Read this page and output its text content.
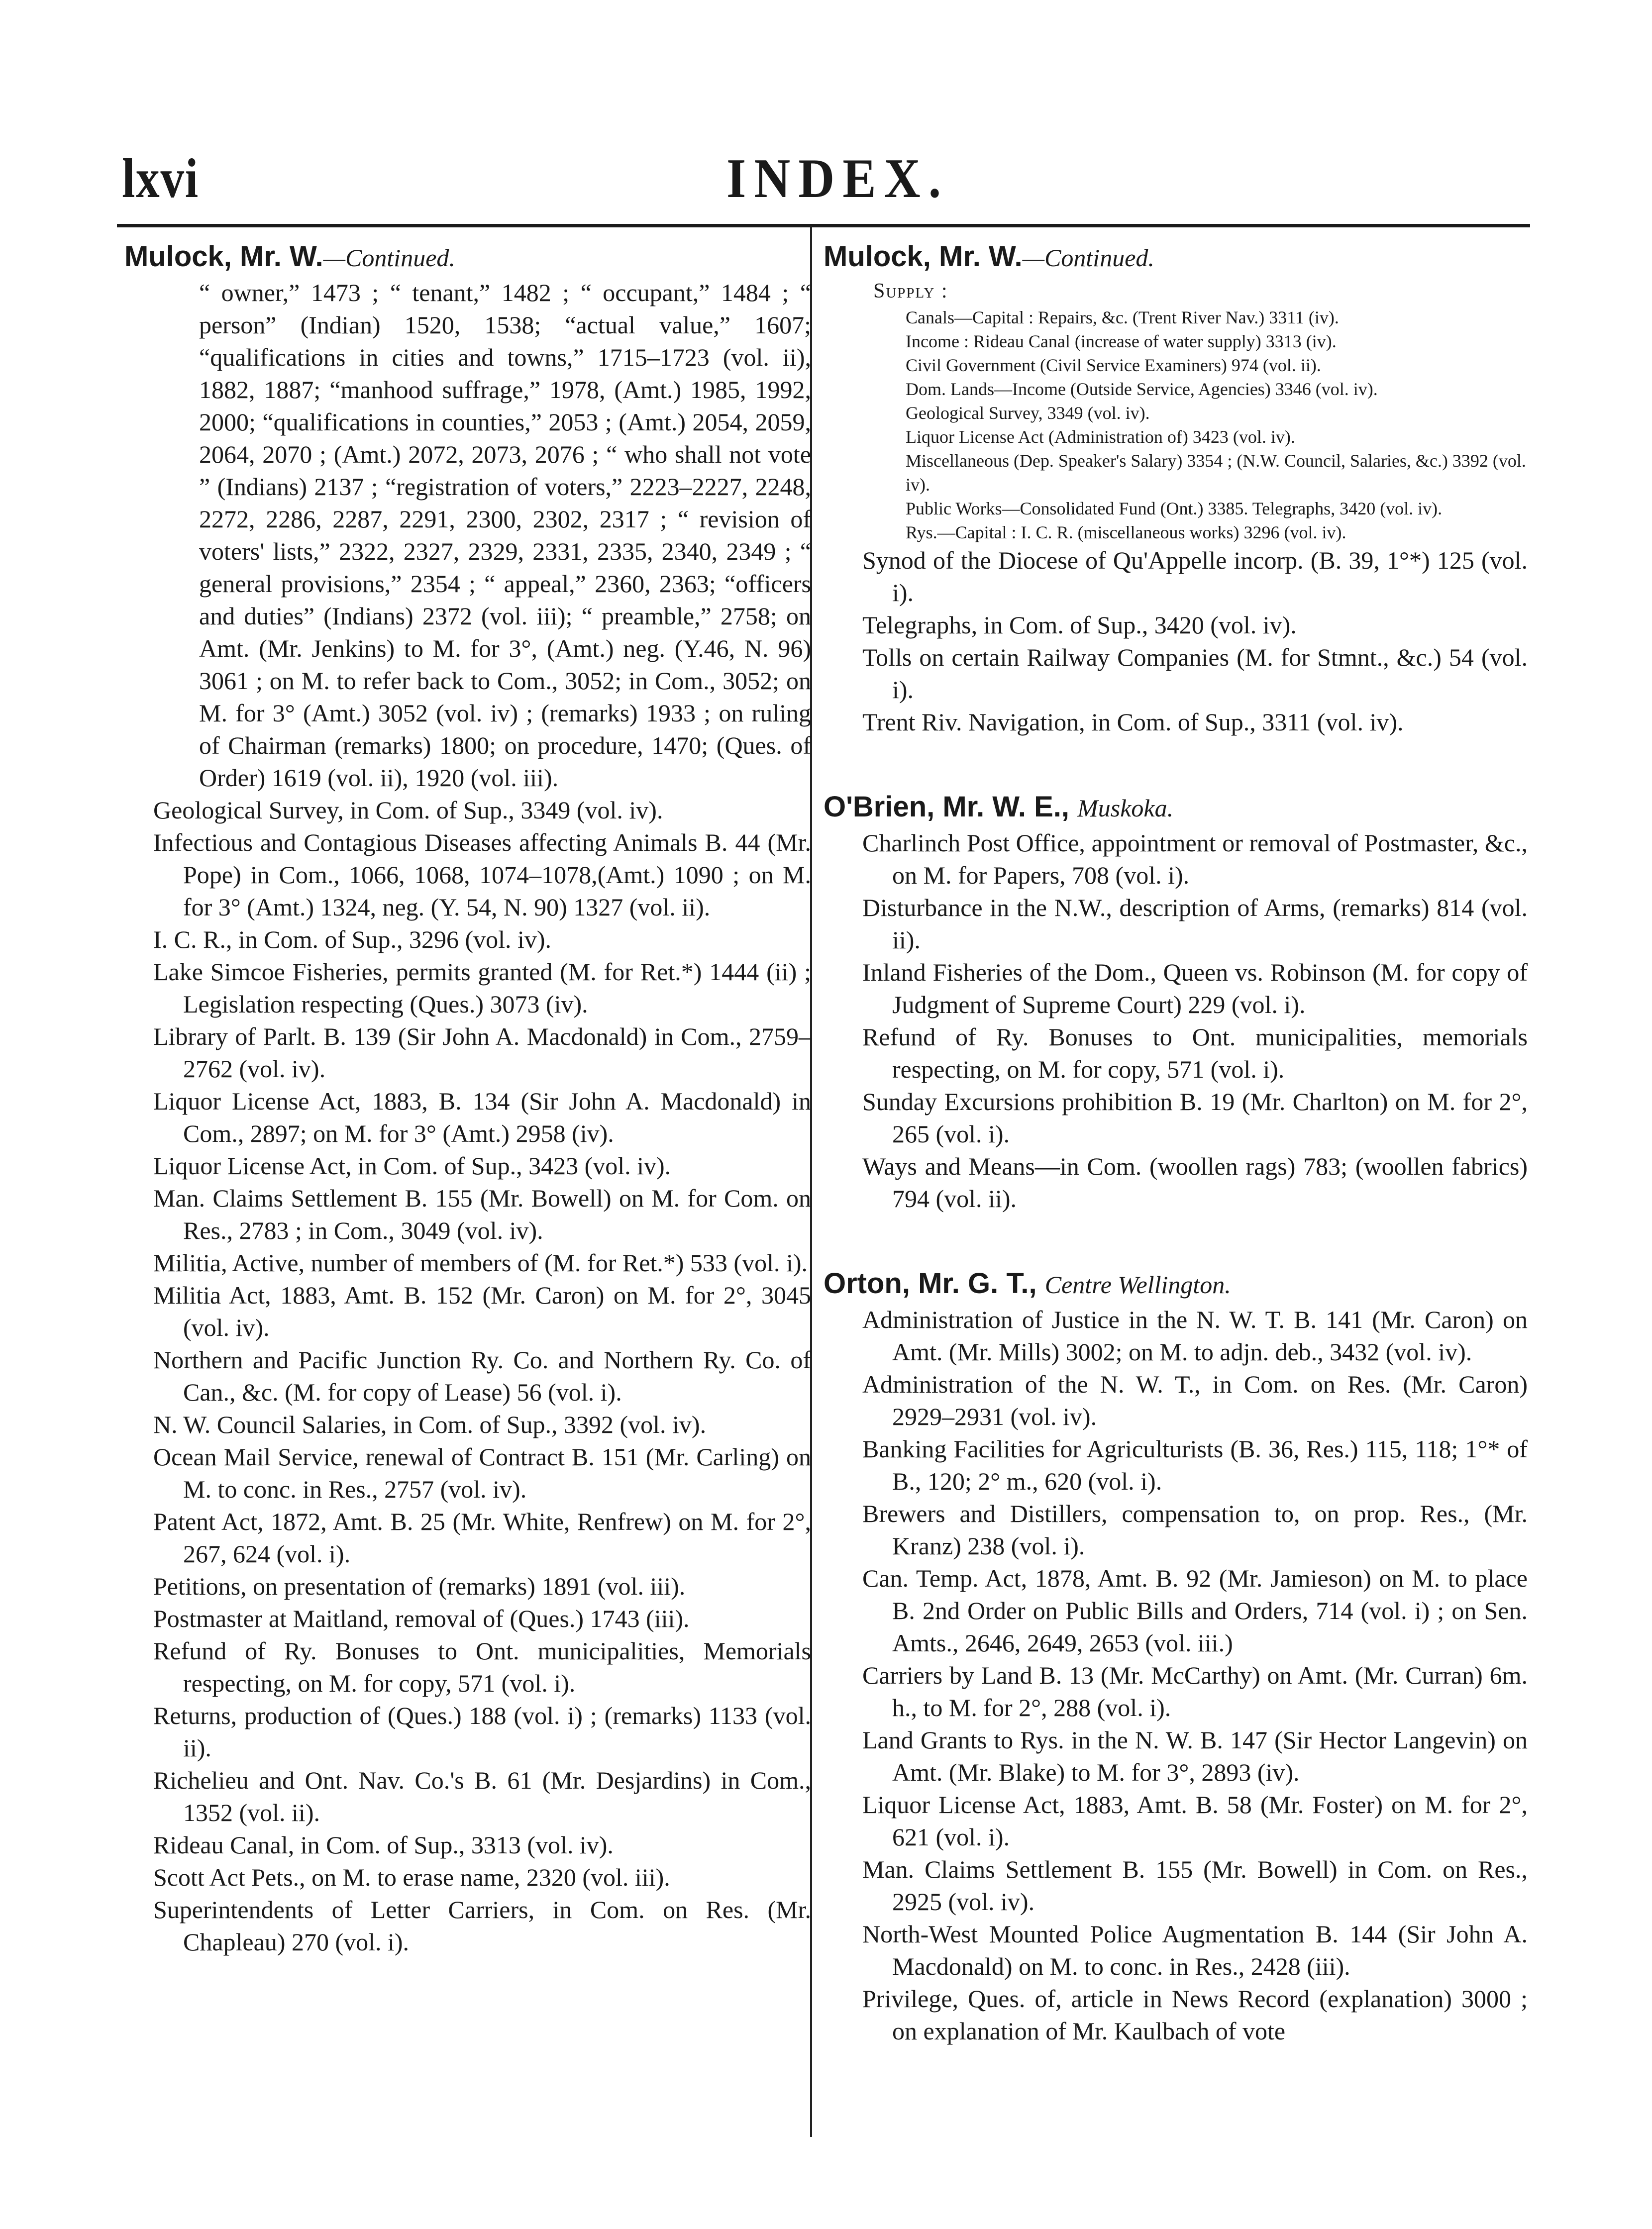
lxvi	INDEX.
Mulock, Mr. W.—Continued.
“ owner,” 1473 ; “ tenant,” 1482 ; “ occupant,” 1484 ; “ person” (Indian) 1520, 1538; “actual value,” 1607; “qualifications in cities and towns,” 1715–1723 (vol. ii), 1882, 1887; “manhood suffrage,” 1978, (Amt.) 1985, 1992, 2000; “qualifications in counties,” 2053 ; (Amt.) 2054, 2059, 2064, 2070 ; (Amt.) 2072, 2073, 2076 ; “ who shall not vote ” (Indians) 2137 ; “registration of voters,” 2223–2227, 2248, 2272, 2286, 2287, 2291, 2300, 2302, 2317 ; “ revision of voters' lists,” 2322, 2327, 2329, 2331, 2335, 2340, 2349 ; “ general provisions,” 2354 ; “ appeal,” 2360, 2363; “officers and duties” (Indians) 2372 (vol. iii); “ preamble,” 2758; on Amt. (Mr. Jenkins) to M. for 3°, (Amt.) neg. (Y.46, N. 96) 3061 ; on M. to refer back to Com., 3052; in Com., 3052; on M. for 3° (Amt.) 3052 (vol. iv) ; (remarks) 1933 ; on ruling of Chairman (remarks) 1800; on procedure, 1470; (Ques. of Order) 1619 (vol. ii), 1920 (vol. iii).
Geological Survey, in Com. of Sup., 3349 (vol. iv).
Infectious and Contagious Diseases affecting Animals B. 44 (Mr. Pope) in Com., 1066, 1068, 1074–1078,(Amt.) 1090 ; on M. for 3° (Amt.) 1324, neg. (Y. 54, N. 90) 1327 (vol. ii).
I. C. R., in Com. of Sup., 3296 (vol. iv).
Lake Simcoe Fisheries, permits granted (M. for Ret.*) 1444 (ii) ; Legislation respecting (Ques.) 3073 (iv).
Library of Parlt. B. 139 (Sir John A. Macdonald) in Com., 2759–2762 (vol. iv).
Liquor License Act, 1883, B. 134 (Sir John A. Macdonald) in Com., 2897; on M. for 3° (Amt.) 2958 (iv).
Liquor License Act, in Com. of Sup., 3423 (vol. iv).
Man. Claims Settlement B. 155 (Mr. Bowell) on M. for Com. on Res., 2783 ; in Com., 3049 (vol. iv).
Militia, Active, number of members of (M. for Ret.*) 533 (vol. i).
Militia Act, 1883, Amt. B. 152 (Mr. Caron) on M. for 2°, 3045 (vol. iv).
Northern and Pacific Junction Ry. Co. and Northern Ry. Co. of Can., &c. (M. for copy of Lease) 56 (vol. i).
N. W. Council Salaries, in Com. of Sup., 3392 (vol. iv).
Ocean Mail Service, renewal of Contract B. 151 (Mr. Carling) on M. to conc. in Res., 2757 (vol. iv).
Patent Act, 1872, Amt. B. 25 (Mr. White, Renfrew) on M. for 2°, 267, 624 (vol. i).
Petitions, on presentation of (remarks) 1891 (vol. iii).
Postmaster at Maitland, removal of (Ques.) 1743 (iii).
Refund of Ry. Bonuses to Ont. municipalities, Memorials respecting, on M. for copy, 571 (vol. i).
Returns, production of (Ques.) 188 (vol. i) ; (remarks) 1133 (vol. ii).
Richelieu and Ont. Nav. Co.'s B. 61 (Mr. Desjardins) in Com., 1352 (vol. ii).
Rideau Canal, in Com. of Sup., 3313 (vol. iv).
Scott Act Pets., on M. to erase name, 2320 (vol. iii).
Superintendents of Letter Carriers, in Com. on Res. (Mr. Chapleau) 270 (vol. i).
Mulock, Mr. W.—Continued.
Supply :
Canals—Capital : Repairs, &c. (Trent River Nav.) 3311 (iv).
Income : Rideau Canal (increase of water supply) 3313 (iv).
Civil Government (Civil Service Examiners) 974 (vol. ii).
Dom. Lands—Income (Outside Service, Agencies) 3346 (vol. iv).
Geological Survey, 3349 (vol. iv).
Liquor License Act (Administration of) 3423 (vol. iv).
Miscellaneous (Dep. Speaker's Salary) 3354 ; (N.W. Council, Salaries, &c.) 3392 (vol. iv).
Public Works—Consolidated Fund (Ont.) 3385. Telegraphs, 3420 (vol. iv).
Rys.—Capital : I. C. R. (miscellaneous works) 3296 (vol. iv).
Synod of the Diocese of Qu'Appelle incorp. (B. 39, 1°*) 125 (vol. i).
Telegraphs, in Com. of Sup., 3420 (vol. iv).
Tolls on certain Railway Companies (M. for Stmnt., &c.) 54 (vol. i).
Trent Riv. Navigation, in Com. of Sup., 3311 (vol. iv).
O'Brien, Mr. W. E., Muskoka.
Charlinch Post Office, appointment or removal of Postmaster, &c., on M. for Papers, 708 (vol. i).
Disturbance in the N.W., description of Arms, (remarks) 814 (vol. ii).
Inland Fisheries of the Dom., Queen vs. Robinson (M. for copy of Judgment of Supreme Court) 229 (vol. i).
Refund of Ry. Bonuses to Ont. municipalities, memorials respecting, on M. for copy, 571 (vol. i).
Sunday Excursions prohibition B. 19 (Mr. Charlton) on M. for 2°, 265 (vol. i).
Ways and Means—in Com. (woollen rags) 783; (woollen fabrics) 794 (vol. ii).
Orton, Mr. G. T., Centre Wellington.
Administration of Justice in the N. W. T. B. 141 (Mr. Caron) on Amt. (Mr. Mills) 3002; on M. to adjn. deb., 3432 (vol. iv).
Administration of the N. W. T., in Com. on Res. (Mr. Caron) 2929–2931 (vol. iv).
Banking Facilities for Agriculturists (B. 36, Res.) 115, 118; 1°* of B., 120; 2° m., 620 (vol. i).
Brewers and Distillers, compensation to, on prop. Res., (Mr. Kranz) 238 (vol. i).
Can. Temp. Act, 1878, Amt. B. 92 (Mr. Jamieson) on M. to place B. 2nd Order on Public Bills and Orders, 714 (vol. i) ; on Sen. Amts., 2646, 2649, 2653 (vol. iii.)
Carriers by Land B. 13 (Mr. McCarthy) on Amt. (Mr. Curran) 6m. h., to M. for 2°, 288 (vol. i).
Land Grants to Rys. in the N. W. B. 147 (Sir Hector Langevin) on Amt. (Mr. Blake) to M. for 3°, 2893 (iv).
Liquor License Act, 1883, Amt. B. 58 (Mr. Foster) on M. for 2°, 621 (vol. i).
Man. Claims Settlement B. 155 (Mr. Bowell) in Com. on Res., 2925 (vol. iv).
North-West Mounted Police Augmentation B. 144 (Sir John A. Macdonald) on M. to conc. in Res., 2428 (iii).
Privilege, Ques. of, article in News Record (explanation) 3000 ; on explanation of Mr. Kaulbach of vote
